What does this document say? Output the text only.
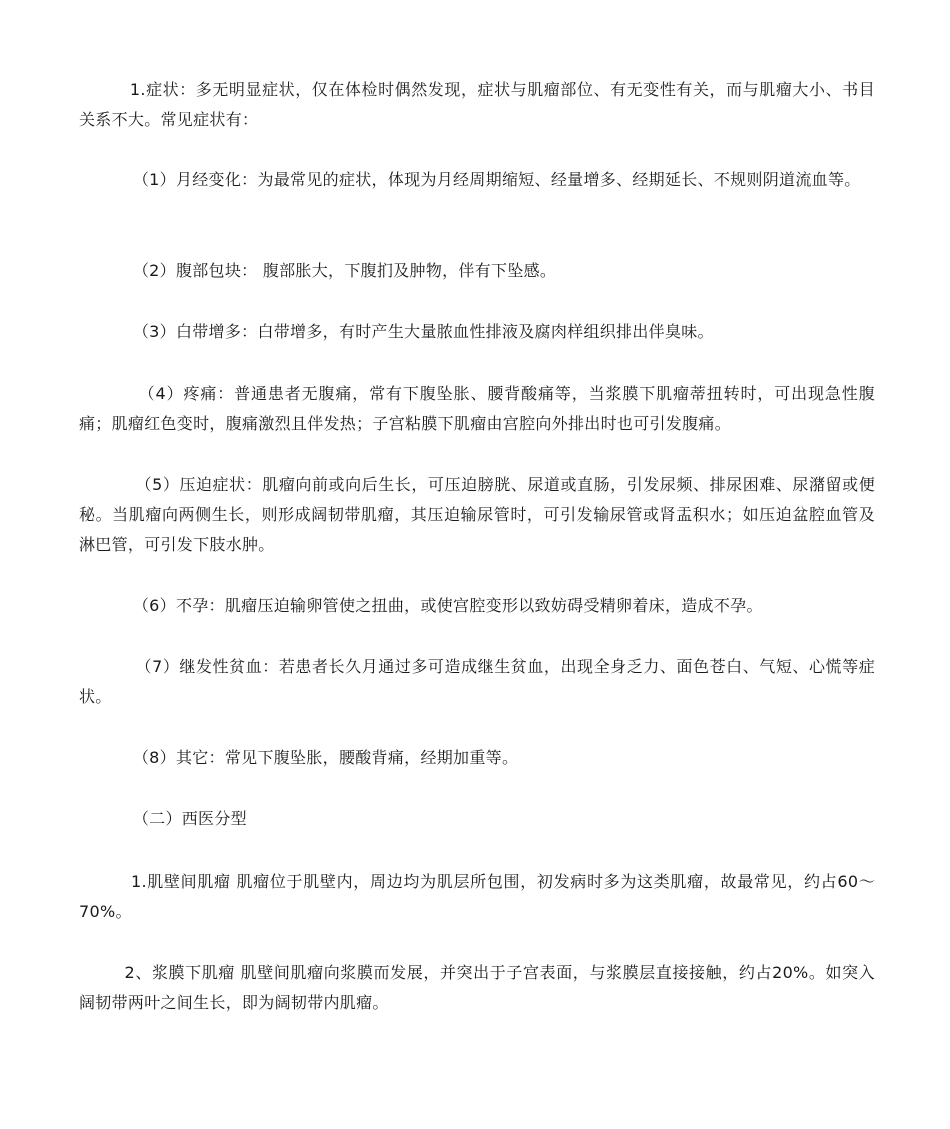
1.症状：多无明显症状，仅在体检时偶然发现，症状与肌瘤部位、有无变性有关，而与肌瘤大小、书目关系不大。常见症状有：

（1）月经变化：为最常见的症状，体现为月经周期缩短、经量增多、经期延长、不规则阴道流血等。

（2）腹部包块： 腹部胀大，下腹扪及肿物，伴有下坠感。

（3）白带增多：白带增多，有时产生大量脓血性排液及腐肉样组织排出伴臭味。

（4）疼痛：普通患者无腹痛，常有下腹坠胀、腰背酸痛等，当浆膜下肌瘤蒂扭转时，可出现急性腹痛；肌瘤红色变时，腹痛激烈且伴发热；子宫粘膜下肌瘤由宫腔向外排出时也可引发腹痛。

（5）压迫症状：肌瘤向前或向后生长，可压迫膀胱、尿道或直肠，引发尿频、排尿困难、尿潴留或便秘。当肌瘤向两侧生长，则形成阔韧带肌瘤，其压迫输尿管时，可引发输尿管或肾盂积水；如压迫盆腔血管及淋巴管，可引发下肢水肿。

（6）不孕：肌瘤压迫输卵管使之扭曲，或使宫腔变形以致妨碍受精卵着床，造成不孕。

（7）继发性贫血：若患者长久月通过多可造成继生贫血，出现全身乏力、面色苍白、气短、心慌等症状。

（8）其它：常见下腹坠胀，腰酸背痛，经期加重等。

（二）西医分型

1.肌壁间肌瘤 肌瘤位于肌壁内，周边均为肌层所包围，初发病时多为这类肌瘤，故最常见，约占60～70%。

2、浆膜下肌瘤 肌壁间肌瘤向浆膜而发展，并突出于子宫表面，与浆膜层直接接触，约占20%。如突入阔韧带两叶之间生长，即为阔韧带内肌瘤。
